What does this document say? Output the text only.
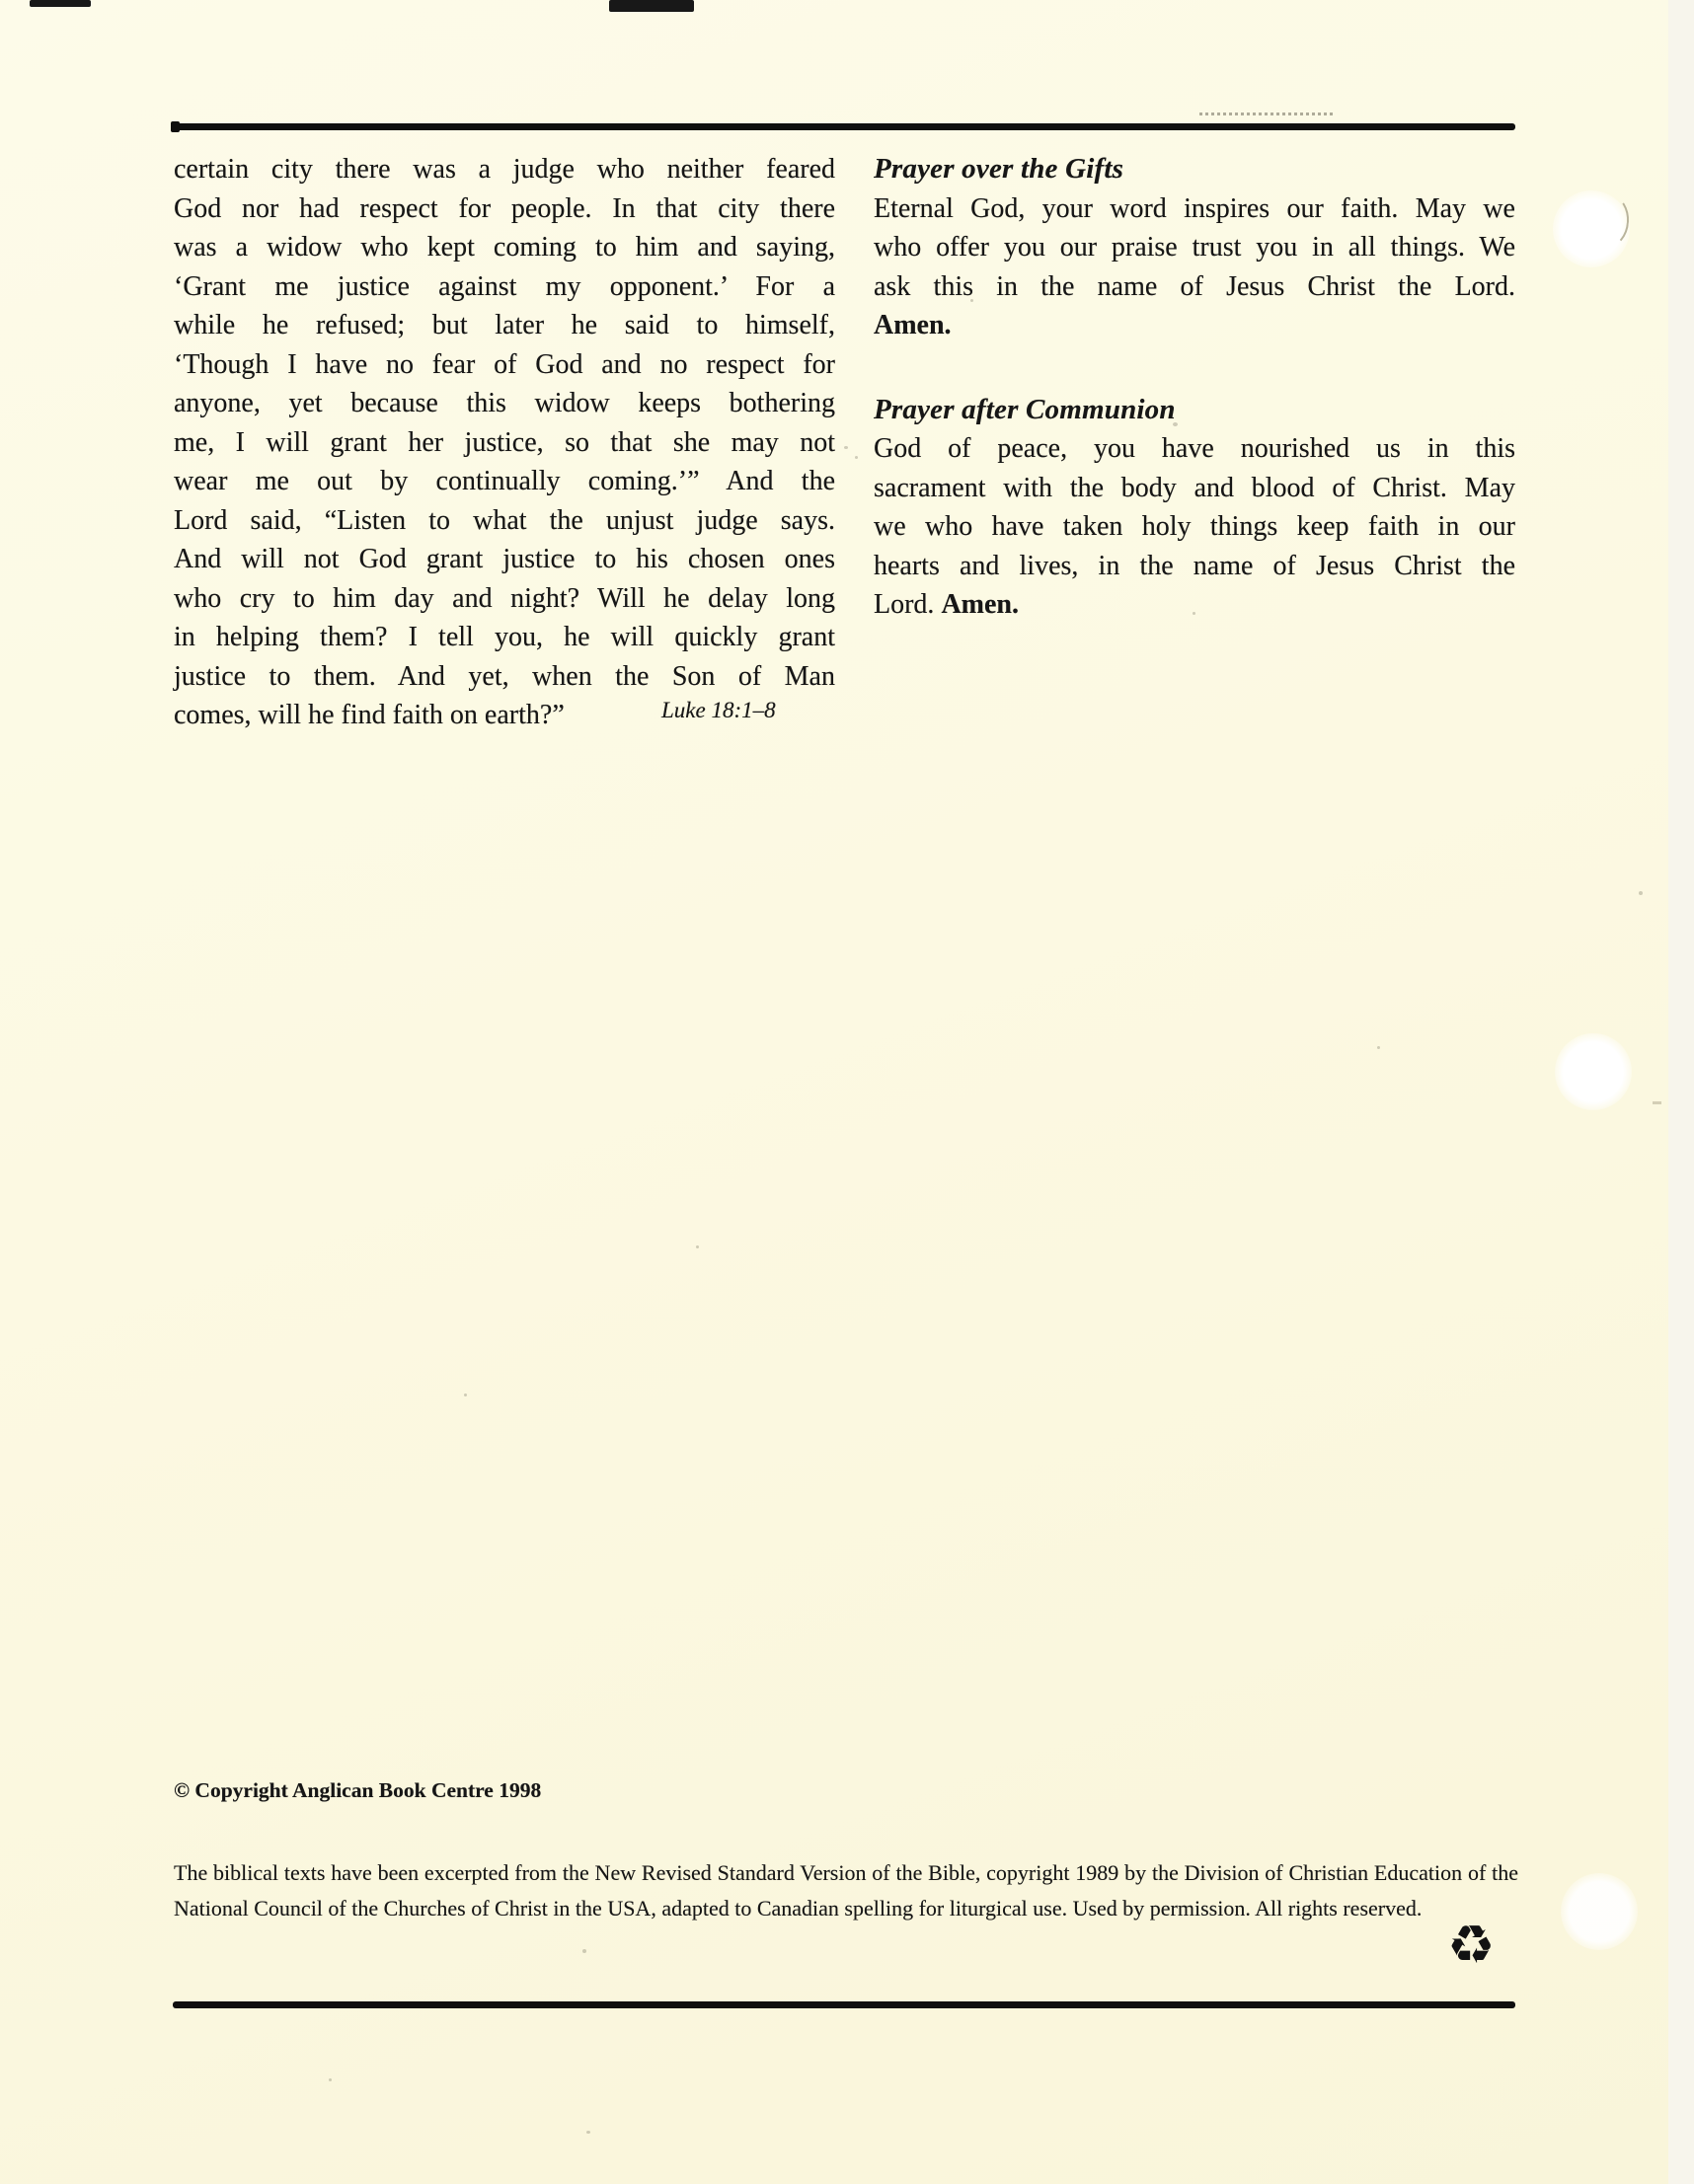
certain city there was a judge who neither feared
God nor had respect for people. In that city there
was a widow who kept coming to him and saying,
‘Grant me justice against my opponent.’ For a
while he refused; but later he said to himself,
‘Though I have no fear of God and no respect for
anyone, yet because this widow keeps bothering
me, I will grant her justice, so that she may not
wear me out by continually coming.’” And the
Lord said, “Listen to what the unjust judge says.
And will not God grant justice to his chosen ones
who cry to him day and night? Will he delay long
in helping them? I tell you, he will quickly grant
justice to them. And yet, when the Son of Man
comes, will he find faith on earth?”	Luke 18:1–8
Prayer over the Gifts
Eternal God, your word inspires our faith. May we
who offer you our praise trust you in all things. We
ask this in the name of Jesus Christ the Lord.
Amen.
Prayer after Communion
God of peace, you have nourished us in this
sacrament with the body and blood of Christ. May
we who have taken holy things keep faith in our
hearts and lives, in the name of Jesus Christ the
Lord. Amen.
© Copyright Anglican Book Centre 1998
The biblical texts have been excerpted from the New Revised Standard Version of the Bible, copyright 1989 by the Division of Christian Education of the
National Council of the Churches of Christ in the USA, adapted to Canadian spelling for liturgical use. Used by permission. All rights reserved.
♻
